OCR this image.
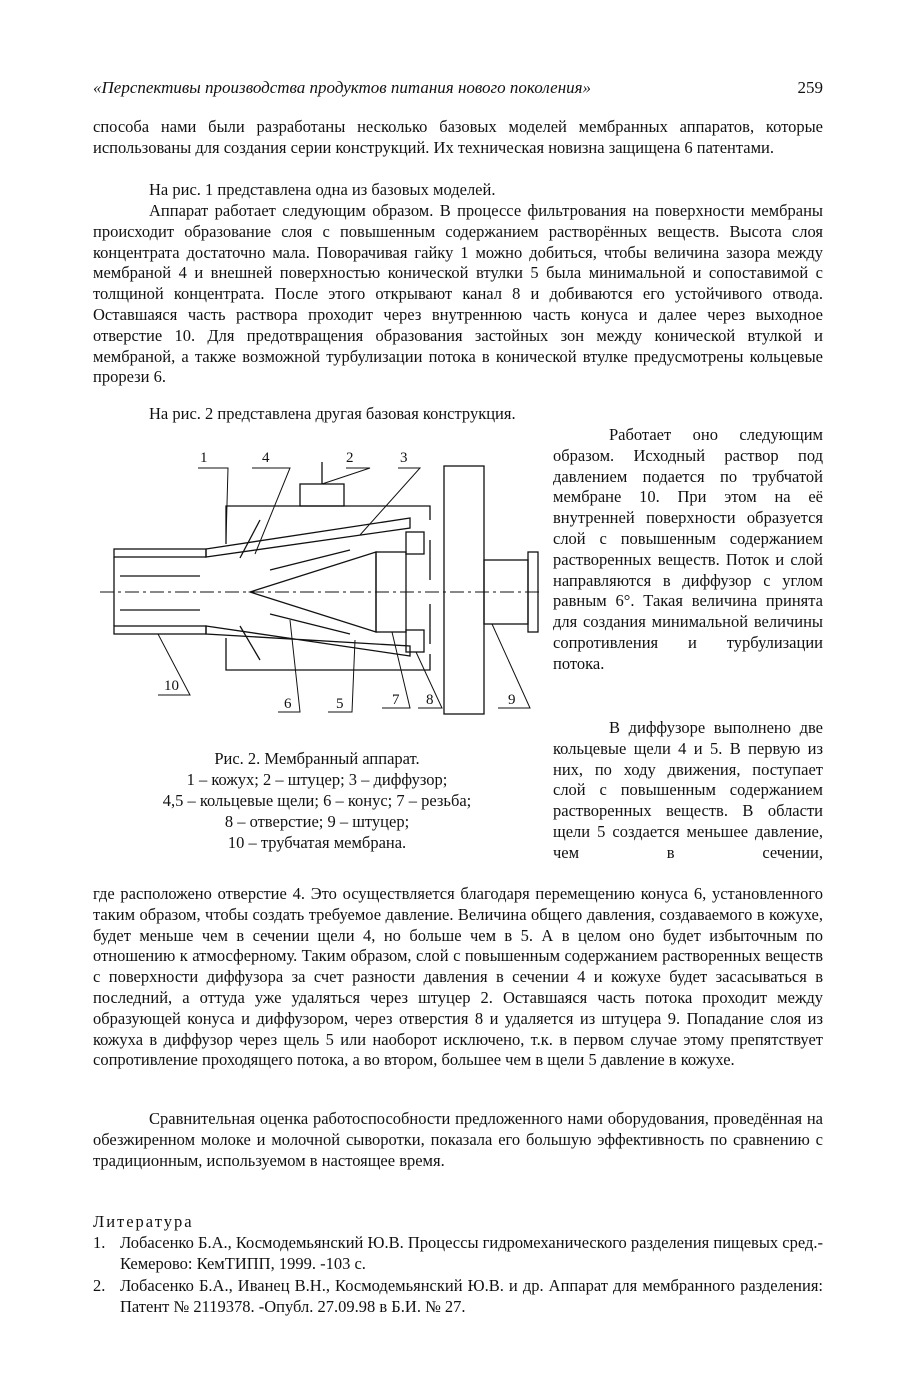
«Перспективы производства продуктов питания нового поколения»	259

способа нами были разработаны несколько базовых моделей мембранных аппаратов, которые использованы для создания серии конструкций. Их техническая новизна защищена 6 патентами.

На рис. 1 представлена одна из базовых моделей.

Аппарат работает следующим образом. В процессе фильтрования на поверхности мембраны происходит образование слоя с повышенным содержанием растворённых веществ. Высота слоя концентрата достаточно мала. Поворачивая гайку 1 можно добиться, чтобы величина зазора между мембраной 4 и внешней поверхностью конической втулки 5 была минимальной и сопоставимой с толщиной концентрата. После этого открывают канал 8 и добиваются его устойчивого отвода. Оставшаяся часть раствора проходит через внутреннюю часть конуса и далее через выходное отверстие 10. Для предотвращения образования застойных зон между конической втулкой и мембраной, а также возможной турбулизации потока в конической втулке предусмотрены кольцевые прорези 6.

На рис. 2 представлена другая базовая конструкция.

Работает оно следующим образом. Исходный раствор под давлением подается по трубчатой мембране 10. При этом на её внутренней поверхности образуется слой с повышенным содержанием растворенных веществ. Поток и слой направляются в диффузор с углом равным 6°. Такая величина принята для создания минимальной величины сопротивления и турбулизации потока.

В диффузоре выполнено две кольцевые щели 4 и 5. В первую из них, по ходу движения, поступает слой с повышенным содержанием растворенных веществ. В области щели 5 создается меньшее давление, чем в сечении,

где расположено отверстие 4. Это осуществляется благодаря перемещению конуса 6, установленного таким образом, чтобы создать требуемое давление. Величина общего давления, создаваемого в кожухе, будет меньше чем в сечении щели 4, но больше чем в 5. А в целом оно будет избыточным по отношению к атмосферному. Таким образом, слой с повышенным содержанием растворенных веществ с поверхности диффузора за счет разности давления в сечении 4 и кожухе будет засасываться в последний, а оттуда уже удаляться через штуцер 2. Оставшаяся часть потока проходит между образующей конуса и диффузором, через отверстия 8 и удаляется из штуцера 9. Попадание слоя из кожуха в диффузор через щель 5 или наоборот исключено, т.к. в первом случае этому препятствует сопротивление проходящего потока, а во втором, большее чем в щели 5 давление в кожухе.

Сравнительная оценка работоспособности предложенного нами оборудования, проведённая на обезжиренном молоке и молочной сыворотки, показала его большую эффективность по сравнению с традиционным, используемом в настоящее время.

1	4	2	3
10
6	5	7 8	9
Рис. 2. Мембранный аппарат.
1 – кожух; 2 – штуцер; 3 – диффузор;
4,5 – кольцевые щели; 6 – конус; 7 – резьба;
8 – отверстие; 9 – штуцер;
10 – трубчатая мембрана.
Литература
1. Лобасенко Б.А., Космодемьянский Ю.В. Процессы гидромеханического разделения пищевых сред.- Кемерово: КемТИПП, 1999. -103 с.
2. Лобасенко Б.А., Иванец В.Н., Космодемьянский Ю.В. и др. Аппарат для мембранного разделения: Патент № 2119378. -Опубл. 27.09.98 в Б.И. № 27.
